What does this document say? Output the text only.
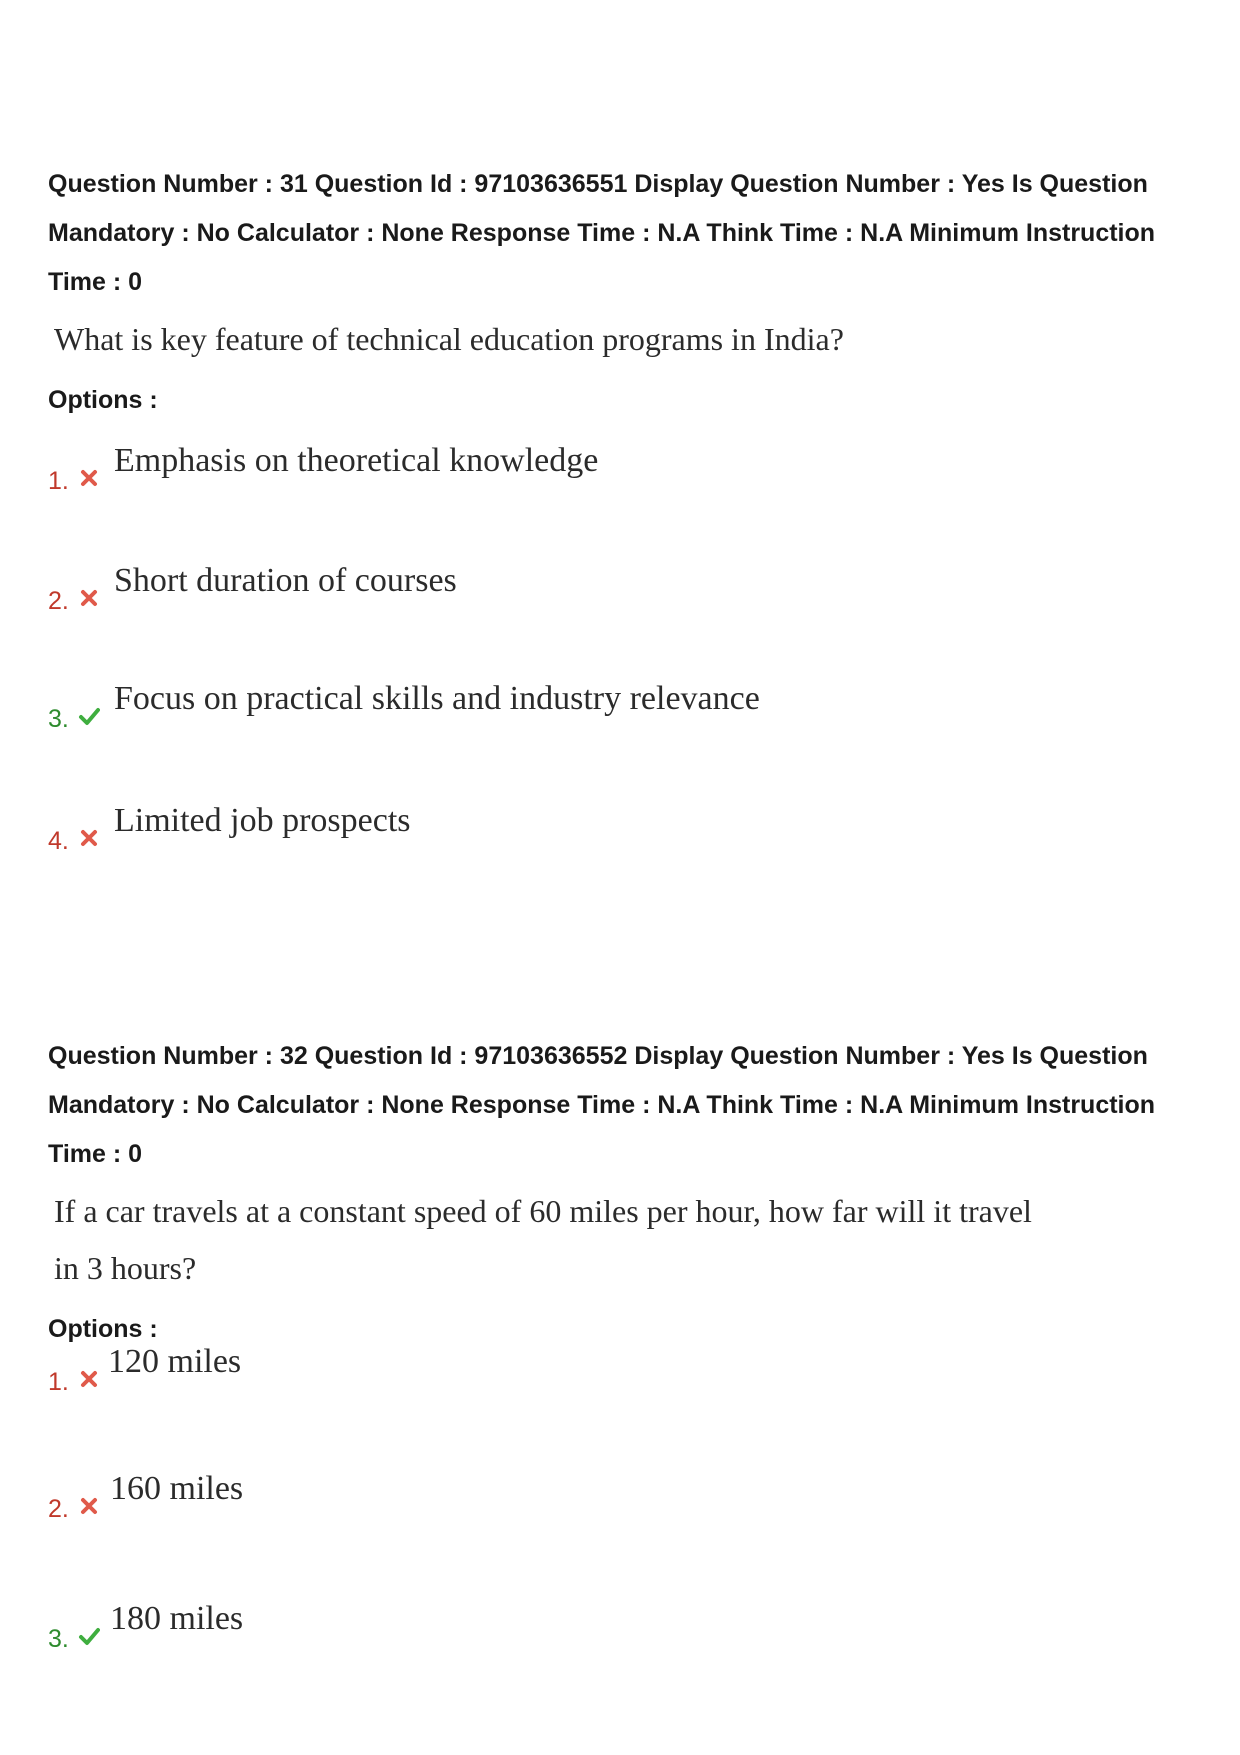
Question Number : 31 Question Id : 97103636551 Display Question Number : Yes Is Question
Mandatory : No Calculator : None Response Time : N.A Think Time : N.A Minimum Instruction
Time : 0
What is key feature of technical education programs in India?
Options :
1.
Emphasis on theoretical knowledge
2.
Short duration of courses
3.
Focus on practical skills and industry relevance
4.
Limited job prospects
Question Number : 32 Question Id : 97103636552 Display Question Number : Yes Is Question
Mandatory : No Calculator : None Response Time : N.A Think Time : N.A Minimum Instruction
Time : 0
If a car travels at a constant speed of 60 miles per hour, how far will it travel
in 3 hours?
Options :
1.
120 miles
2.
160 miles
3.
180 miles
